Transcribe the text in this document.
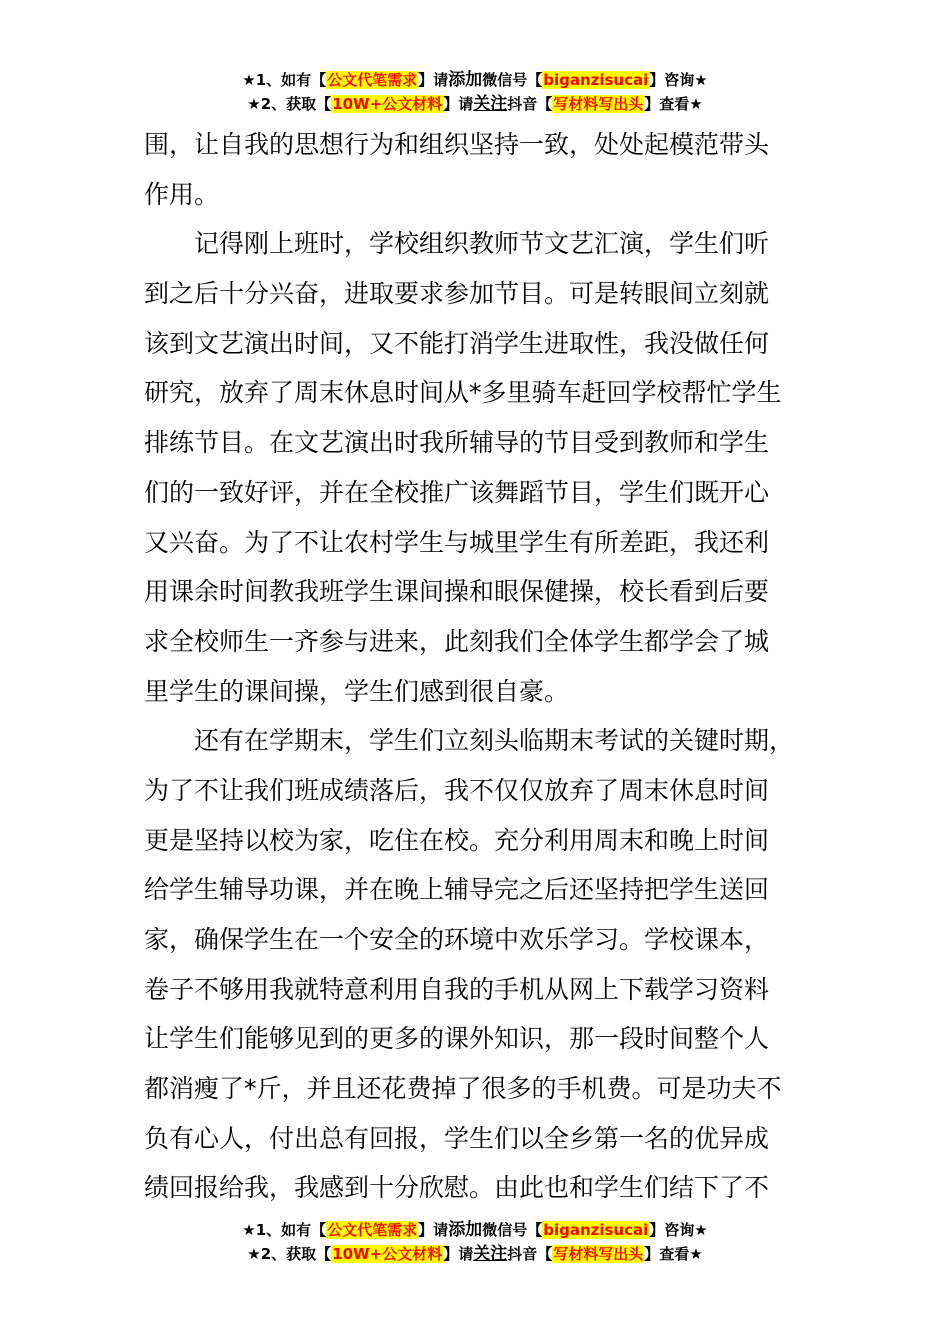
★1、如有【公文代笔需求】请添加微信号【biganzisucai】咨询★
★2、获取【10W+公文材料】请关注抖音【写材料写出头】查看★
围，让自我的思想行为和组织坚持一致，处处起模范带头
作用。
记得刚上班时，学校组织教师节文艺汇演，学生们听
到之后十分兴奋，进取要求参加节目。可是转眼间立刻就
该到文艺演出时间，又不能打消学生进取性，我没做任何
研究，放弃了周末休息时间从*多里骑车赶回学校帮忙学生
排练节目。在文艺演出时我所辅导的节目受到教师和学生
们的一致好评，并在全校推广该舞蹈节目，学生们既开心
又兴奋。为了不让农村学生与城里学生有所差距，我还利
用课余时间教我班学生课间操和眼保健操，校长看到后要
求全校师生一齐参与进来，此刻我们全体学生都学会了城
里学生的课间操，学生们感到很自豪。
还有在学期末，学生们立刻头临期末考试的关键时期，
为了不让我们班成绩落后，我不仅仅放弃了周末休息时间
更是坚持以校为家，吃住在校。充分利用周末和晚上时间
给学生辅导功课，并在晚上辅导完之后还坚持把学生送回
家，确保学生在一个安全的环境中欢乐学习。学校课本，
卷子不够用我就特意利用自我的手机从网上下载学习资料
让学生们能够见到的更多的课外知识，那一段时间整个人
都消瘦了*斤，并且还花费掉了很多的手机费。可是功夫不
负有心人，付出总有回报，学生们以全乡第一名的优异成
绩回报给我，我感到十分欣慰。由此也和学生们结下了不
★1、如有【公文代笔需求】请添加微信号【biganzisucai】咨询★
★2、获取【10W+公文材料】请关注抖音【写材料写出头】查看★
